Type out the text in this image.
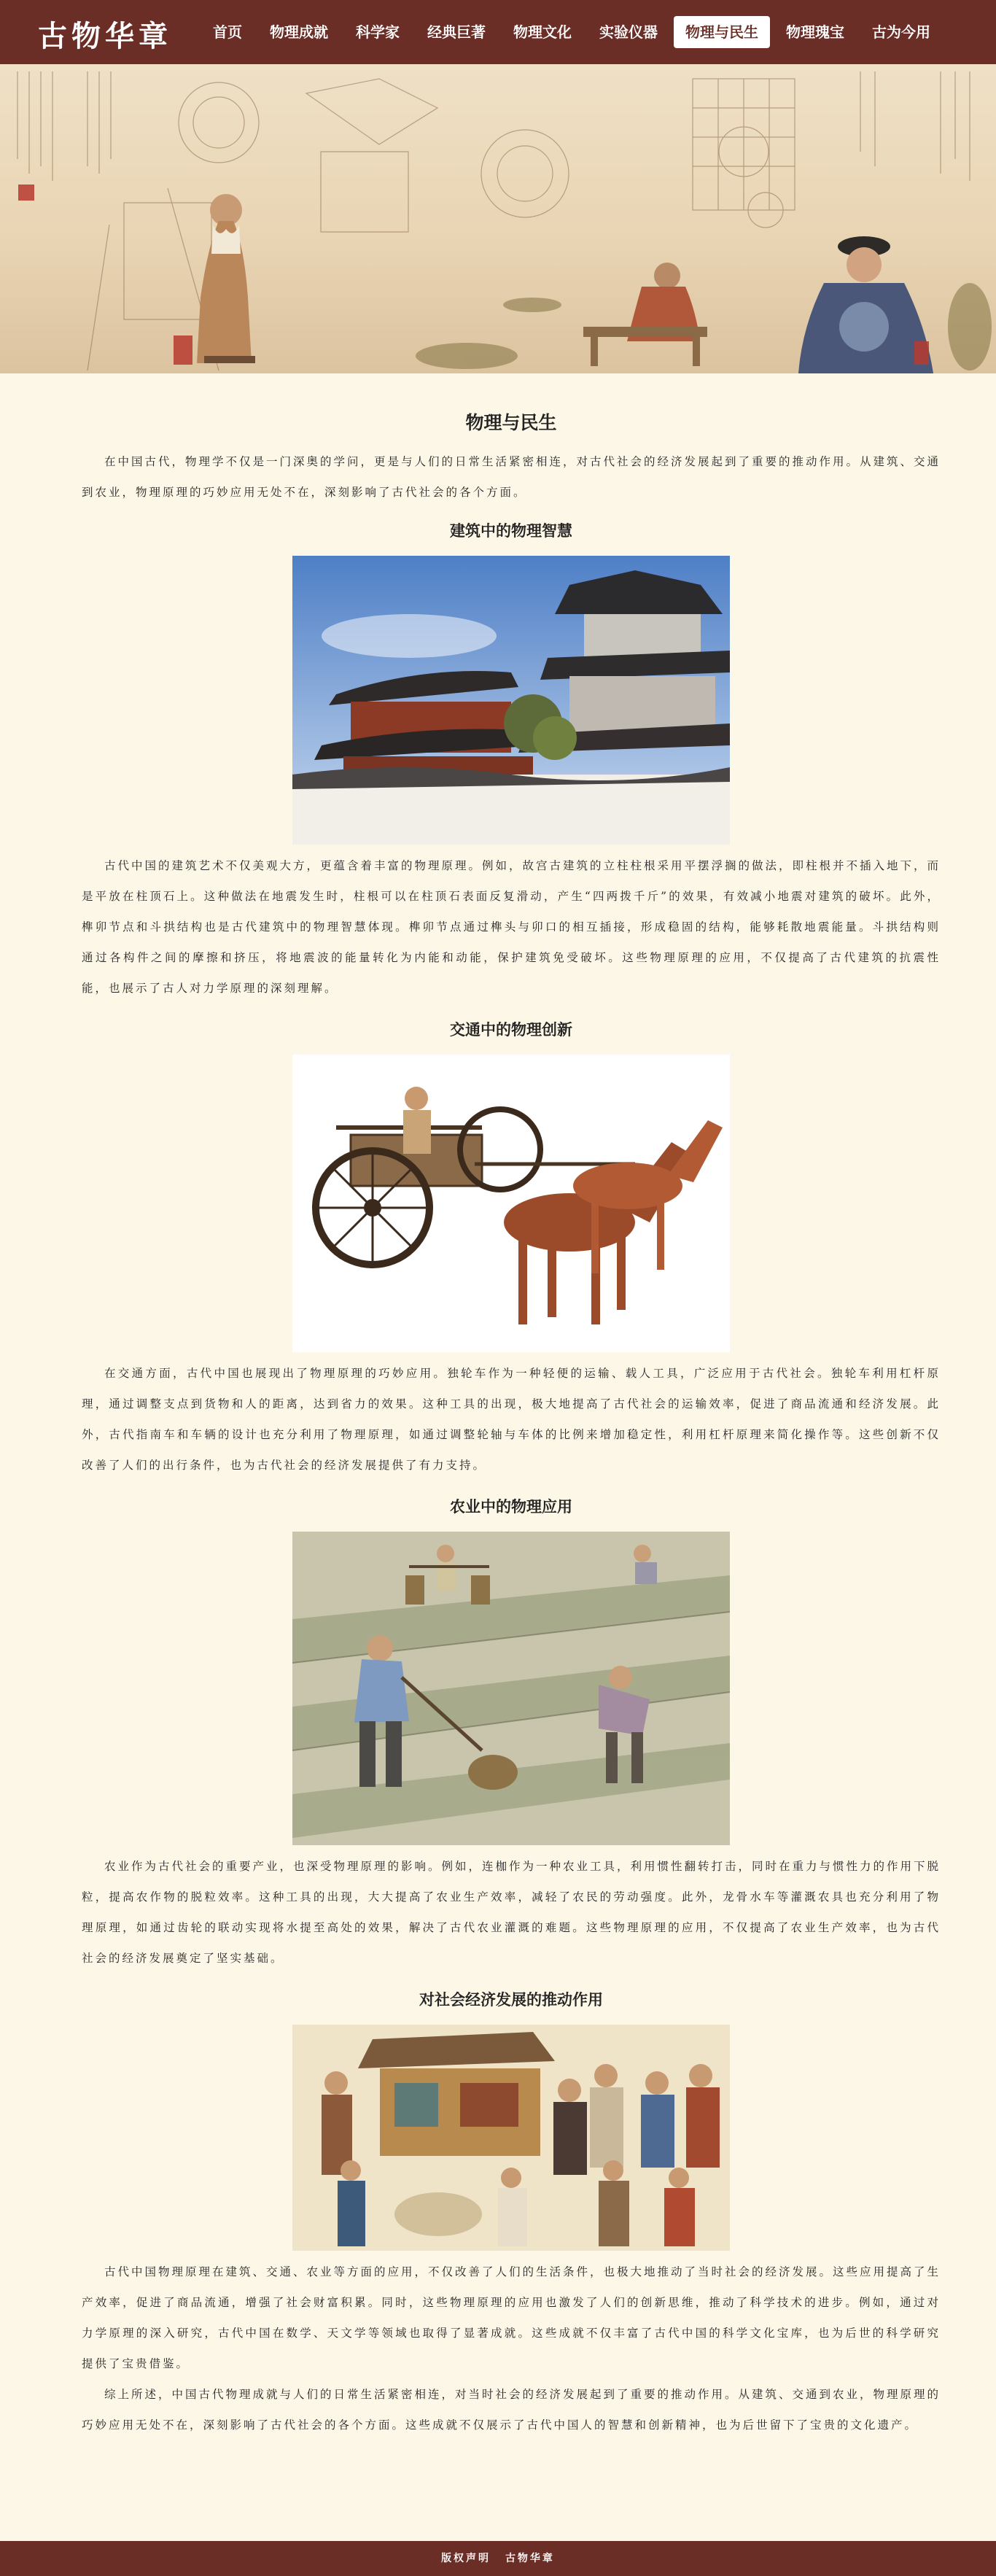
古物华章	首页	物理成就	科学家	经典巨著	物理文化	实验仪器	物理与民生	物理瑰宝	古为今用
物理与民生

在中国古代，物理学不仅是一门深奥的学问，更是与人们的日常生活紧密相连，对古代社会的经济发展起到了重要的推动作用。从建筑、交通到农业，物理原理的巧妙应用无处不在，深刻影响了古代社会的各个方面。

建筑中的物理智慧

古代中国的建筑艺术不仅美观大方，更蕴含着丰富的物理原理。例如，故宫古建筑的立柱柱根采用平摆浮搁的做法，即柱根并不插入地下，而是平放在柱顶石上。这种做法在地震发生时，柱根可以在柱顶石表面反复滑动，产生“四两拨千斤”的效果，有效减小地震对建筑的破坏。此外，榫卯节点和斗拱结构也是古代建筑中的物理智慧体现。榫卯节点通过榫头与卯口的相互插接，形成稳固的结构，能够耗散地震能量。斗拱结构则通过各构件之间的摩擦和挤压，将地震波的能量转化为内能和动能，保护建筑免受破坏。这些物理原理的应用，不仅提高了古代建筑的抗震性能，也展示了古人对力学原理的深刻理解。

交通中的物理创新

在交通方面，古代中国也展现出了物理原理的巧妙应用。独轮车作为一种轻便的运输、载人工具，广泛应用于古代社会。独轮车利用杠杆原理，通过调整支点到货物和人的距离，达到省力的效果。这种工具的出现，极大地提高了古代社会的运输效率，促进了商品流通和经济发展。此外，古代指南车和车辆的设计也充分利用了物理原理，如通过调整轮轴与车体的比例来增加稳定性，利用杠杆原理来简化操作等。这些创新不仅改善了人们的出行条件，也为古代社会的经济发展提供了有力支持。

农业中的物理应用

农业作为古代社会的重要产业，也深受物理原理的影响。例如，连枷作为一种农业工具，利用惯性翻转打击，同时在重力与惯性力的作用下脱粒，提高农作物的脱粒效率。这种工具的出现，大大提高了农业生产效率，减轻了农民的劳动强度。此外，龙骨水车等灌溉农具也充分利用了物理原理，如通过齿轮的联动实现将水提至高处的效果，解决了古代农业灌溉的难题。这些物理原理的应用，不仅提高了农业生产效率，也为古代社会的经济发展奠定了坚实基础。

对社会经济发展的推动作用

古代中国物理原理在建筑、交通、农业等方面的应用，不仅改善了人们的生活条件，也极大地推动了当时社会的经济发展。这些应用提高了生产效率，促进了商品流通，增强了社会财富积累。同时，这些物理原理的应用也激发了人们的创新思维，推动了科学技术的进步。例如，通过对力学原理的深入研究，古代中国在数学、天文学等领域也取得了显著成就。这些成就不仅丰富了古代中国的科学文化宝库，也为后世的科学研究提供了宝贵借鉴。

综上所述，中国古代物理成就与人们的日常生活紧密相连，对当时社会的经济发展起到了重要的推动作用。从建筑、交通到农业，物理原理的巧妙应用无处不在，深刻影响了古代社会的各个方面。这些成就不仅展示了古代中国人的智慧和创新精神，也为后世留下了宝贵的文化遗产。

版权声明 古物华章
